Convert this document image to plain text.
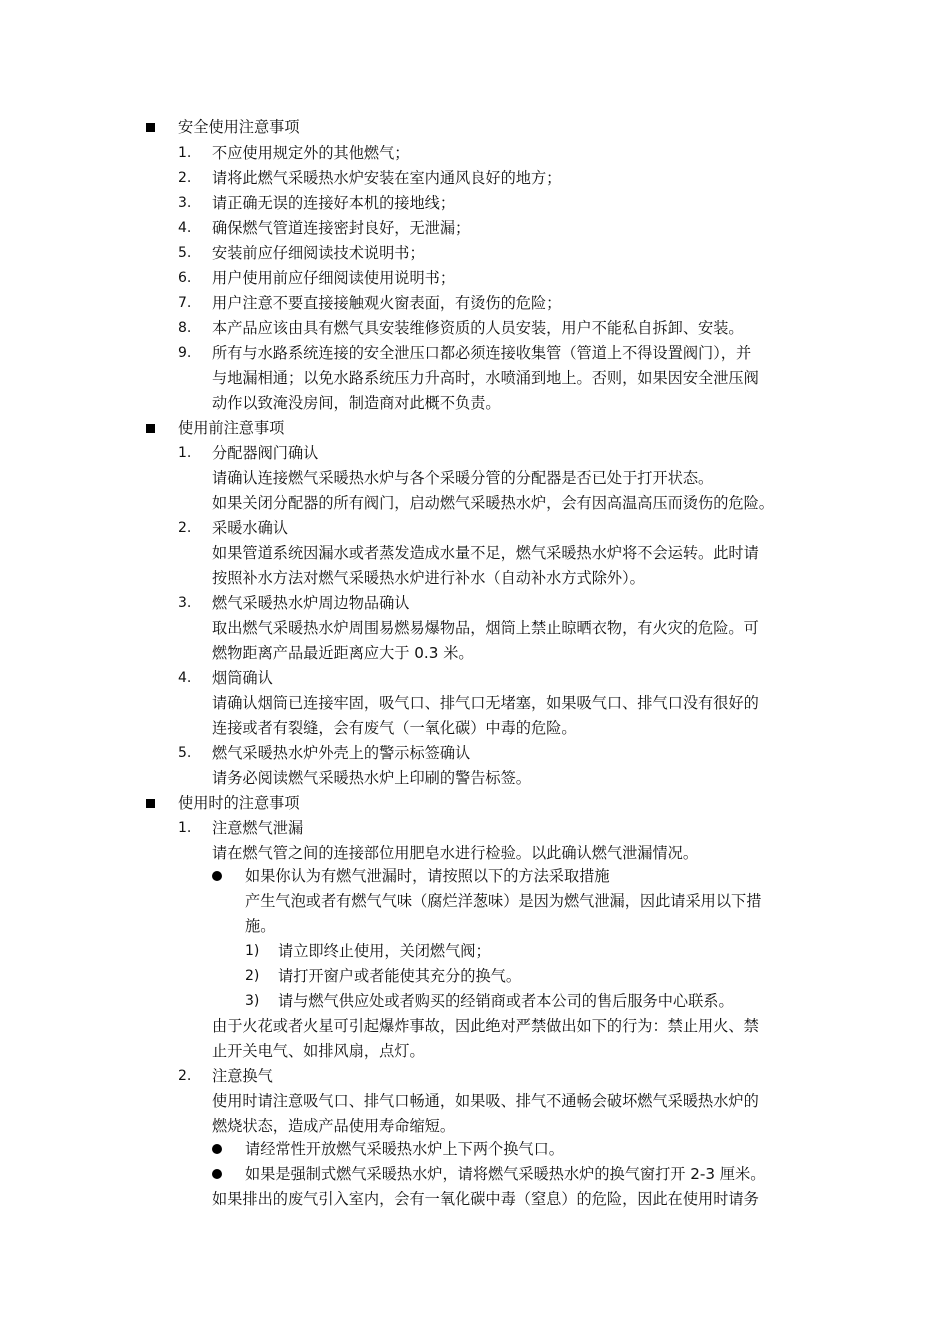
安全使用注意事项
1. 不应使用规定外的其他燃气；
2. 请将此燃气采暖热水炉安装在室内通风良好的地方；
3. 请正确无误的连接好本机的接地线；
4. 确保燃气管道连接密封良好，无泄漏；
5. 安装前应仔细阅读技术说明书；
6. 用户使用前应仔细阅读使用说明书；
7. 用户注意不要直接接触观火窗表面，有烫伤的危险；
8. 本产品应该由具有燃气具安装维修资质的人员安装，用户不能私自拆卸、安装。
9. 所有与水路系统连接的安全泄压口都必须连接收集管（管道上不得设置阀门），并
与地漏相通；以免水路系统压力升高时，水喷涌到地上。否则，如果因安全泄压阀
动作以致淹没房间，制造商对此概不负责。
使用前注意事项
1. 分配器阀门确认
请确认连接燃气采暖热水炉与各个采暖分管的分配器是否已处于打开状态。
如果关闭分配器的所有阀门，启动燃气采暖热水炉，会有因高温高压而烫伤的危险。
2. 采暖水确认
如果管道系统因漏水或者蒸发造成水量不足，燃气采暖热水炉将不会运转。此时请
按照补水方法对燃气采暖热水炉进行补水（自动补水方式除外）。
3. 燃气采暖热水炉周边物品确认
取出燃气采暖热水炉周围易燃易爆物品，烟筒上禁止晾晒衣物，有火灾的危险。可
燃物距离产品最近距离应大于 0.3 米。
4. 烟筒确认
请确认烟筒已连接牢固，吸气口、排气口无堵塞，如果吸气口、排气口没有很好的
连接或者有裂缝，会有废气（一氧化碳）中毒的危险。
5. 燃气采暖热水炉外壳上的警示标签确认
请务必阅读燃气采暖热水炉上印刷的警告标签。
使用时的注意事项
1. 注意燃气泄漏
请在燃气管之间的连接部位用肥皂水进行检验。以此确认燃气泄漏情况。
如果你认为有燃气泄漏时，请按照以下的方法采取措施
产生气泡或者有燃气气味（腐烂洋葱味）是因为燃气泄漏，因此请采用以下措
施。
1) 请立即终止使用，关闭燃气阀；
2) 请打开窗户或者能使其充分的换气。
3) 请与燃气供应处或者购买的经销商或者本公司的售后服务中心联系。
由于火花或者火星可引起爆炸事故，因此绝对严禁做出如下的行为：禁止用火、禁
止开关电气、如排风扇，点灯。
2. 注意换气
使用时请注意吸气口、排气口畅通，如果吸、排气不通畅会破坏燃气采暖热水炉的
燃烧状态，造成产品使用寿命缩短。
请经常性开放燃气采暖热水炉上下两个换气口。
如果是强制式燃气采暖热水炉，请将燃气采暖热水炉的换气窗打开 2-3 厘米。
如果排出的废气引入室内，会有一氧化碳中毒（窒息）的危险，因此在使用时请务
